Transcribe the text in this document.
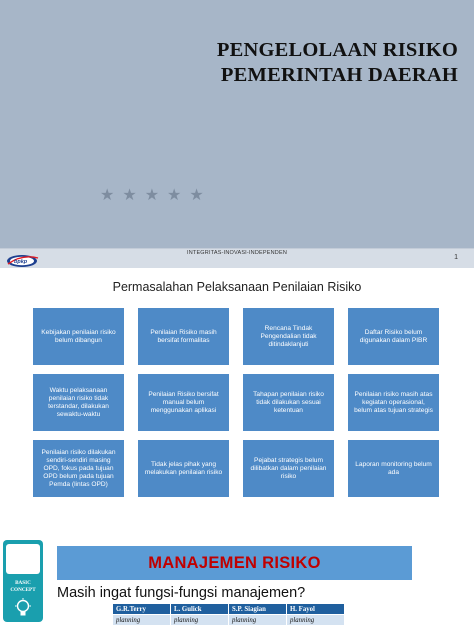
PENGELOLAAN RISIKO
PEMERINTAH DAERAH
★ ★ ★ ★ ★
bpkp
INTEGRITAS-INOVASI-INDEPENDEN
1
Permasalahan Pelaksanaan Penilaian Risiko
Kebijakan penilaian risiko belum dibangun
Penilaian Risiko masih bersifat formalitas
Rencana Tindak Pengendalian tidak ditindaklanjuti
Daftar Risiko belum digunakan dalam PIBR
Waktu pelaksanaan penilaian risiko tidak terstandar, dilakukan sewaktu-waktu
Penilaian Risiko bersifat manual belum menggunakan aplikasi
Tahapan penilaian risiko tidak dilakukan sesuai ketentuan
Penilaian risiko masih atas kegiatan operasional, belum atas tujuan strategis
Penilaian risiko dilakukan sendiri-sendiri masing OPD, fokus pada tujuan OPD belum pada tujuan Pemda (lintas OPD)
Tidak jelas pihak yang melakukan penilaian risiko
Pejabat strategis belum dilibatkan dalam penilaian risiko
Laporan monitoring belum ada
BASIC
CONCEPT
MANAJEMEN RISIKO
Masih ingat fungsi-fungsi manajemen?
G.R.Terry	L. Gulick	S.P. Siagian	H. Fayol
planning	planning	planning	planning
